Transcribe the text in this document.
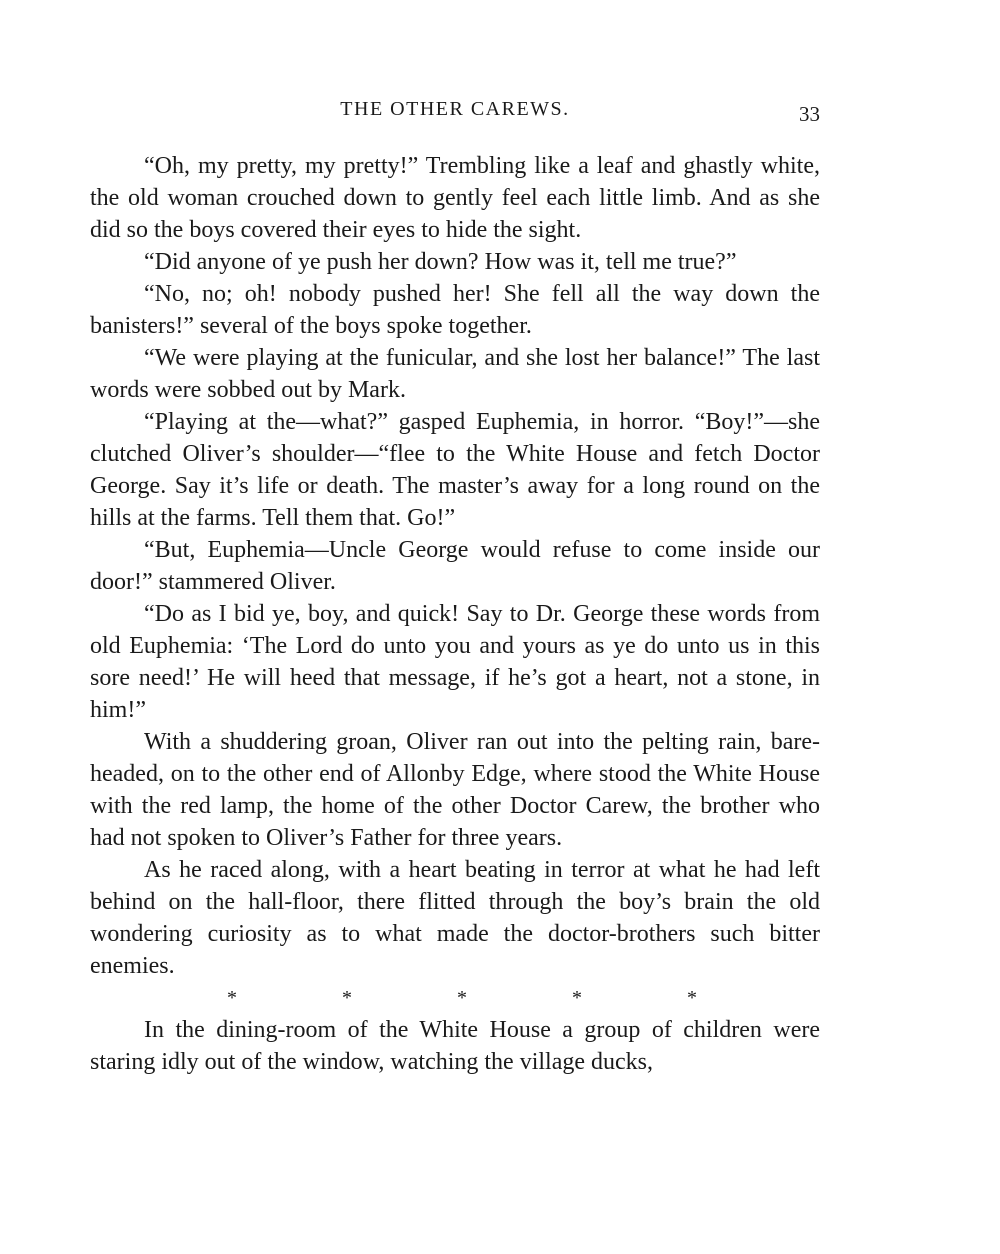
THE OTHER CAREWS.	33

“Oh, my pretty, my pretty!” Trembling like a leaf and ghastly white, the old woman crouched down to gently feel each little limb. And as she did so the boys covered their eyes to hide the sight.

“Did anyone of ye push her down? How was it, tell me true?”

“No, no; oh! nobody pushed her! She fell all the way down the banisters!” several of the boys spoke together.

“We were playing at the funicular, and she lost her balance!” The last words were sobbed out by Mark.

“Playing at the—what?” gasped Euphemia, in horror. “Boy!”—she clutched Oliver’s shoulder—“flee to the White House and fetch Doctor George. Say it’s life or death. The master’s away for a long round on the hills at the farms. Tell them that. Go!”

“But, Euphemia—Uncle George would refuse to come inside our door!” stammered Oliver.

“Do as I bid ye, boy, and quick! Say to Dr. George these words from old Euphemia: ‘The Lord do unto you and yours as ye do unto us in this sore need!’ He will heed that message, if he’s got a heart, not a stone, in him!”

With a shuddering groan, Oliver ran out into the pelting rain, bare-headed, on to the other end of Allonby Edge, where stood the White House with the red lamp, the home of the other Doctor Carew, the brother who had not spoken to Oliver’s Father for three years.

As he raced along, with a heart beating in terror at what he had left behind on the hall-floor, there flitted through the boy’s brain the old wondering curiosity as to what made the doctor-brothers such bitter enemies.

*	*	*	*	*

In the dining-room of the White House a group of children were staring idly out of the window, watching the village ducks,
